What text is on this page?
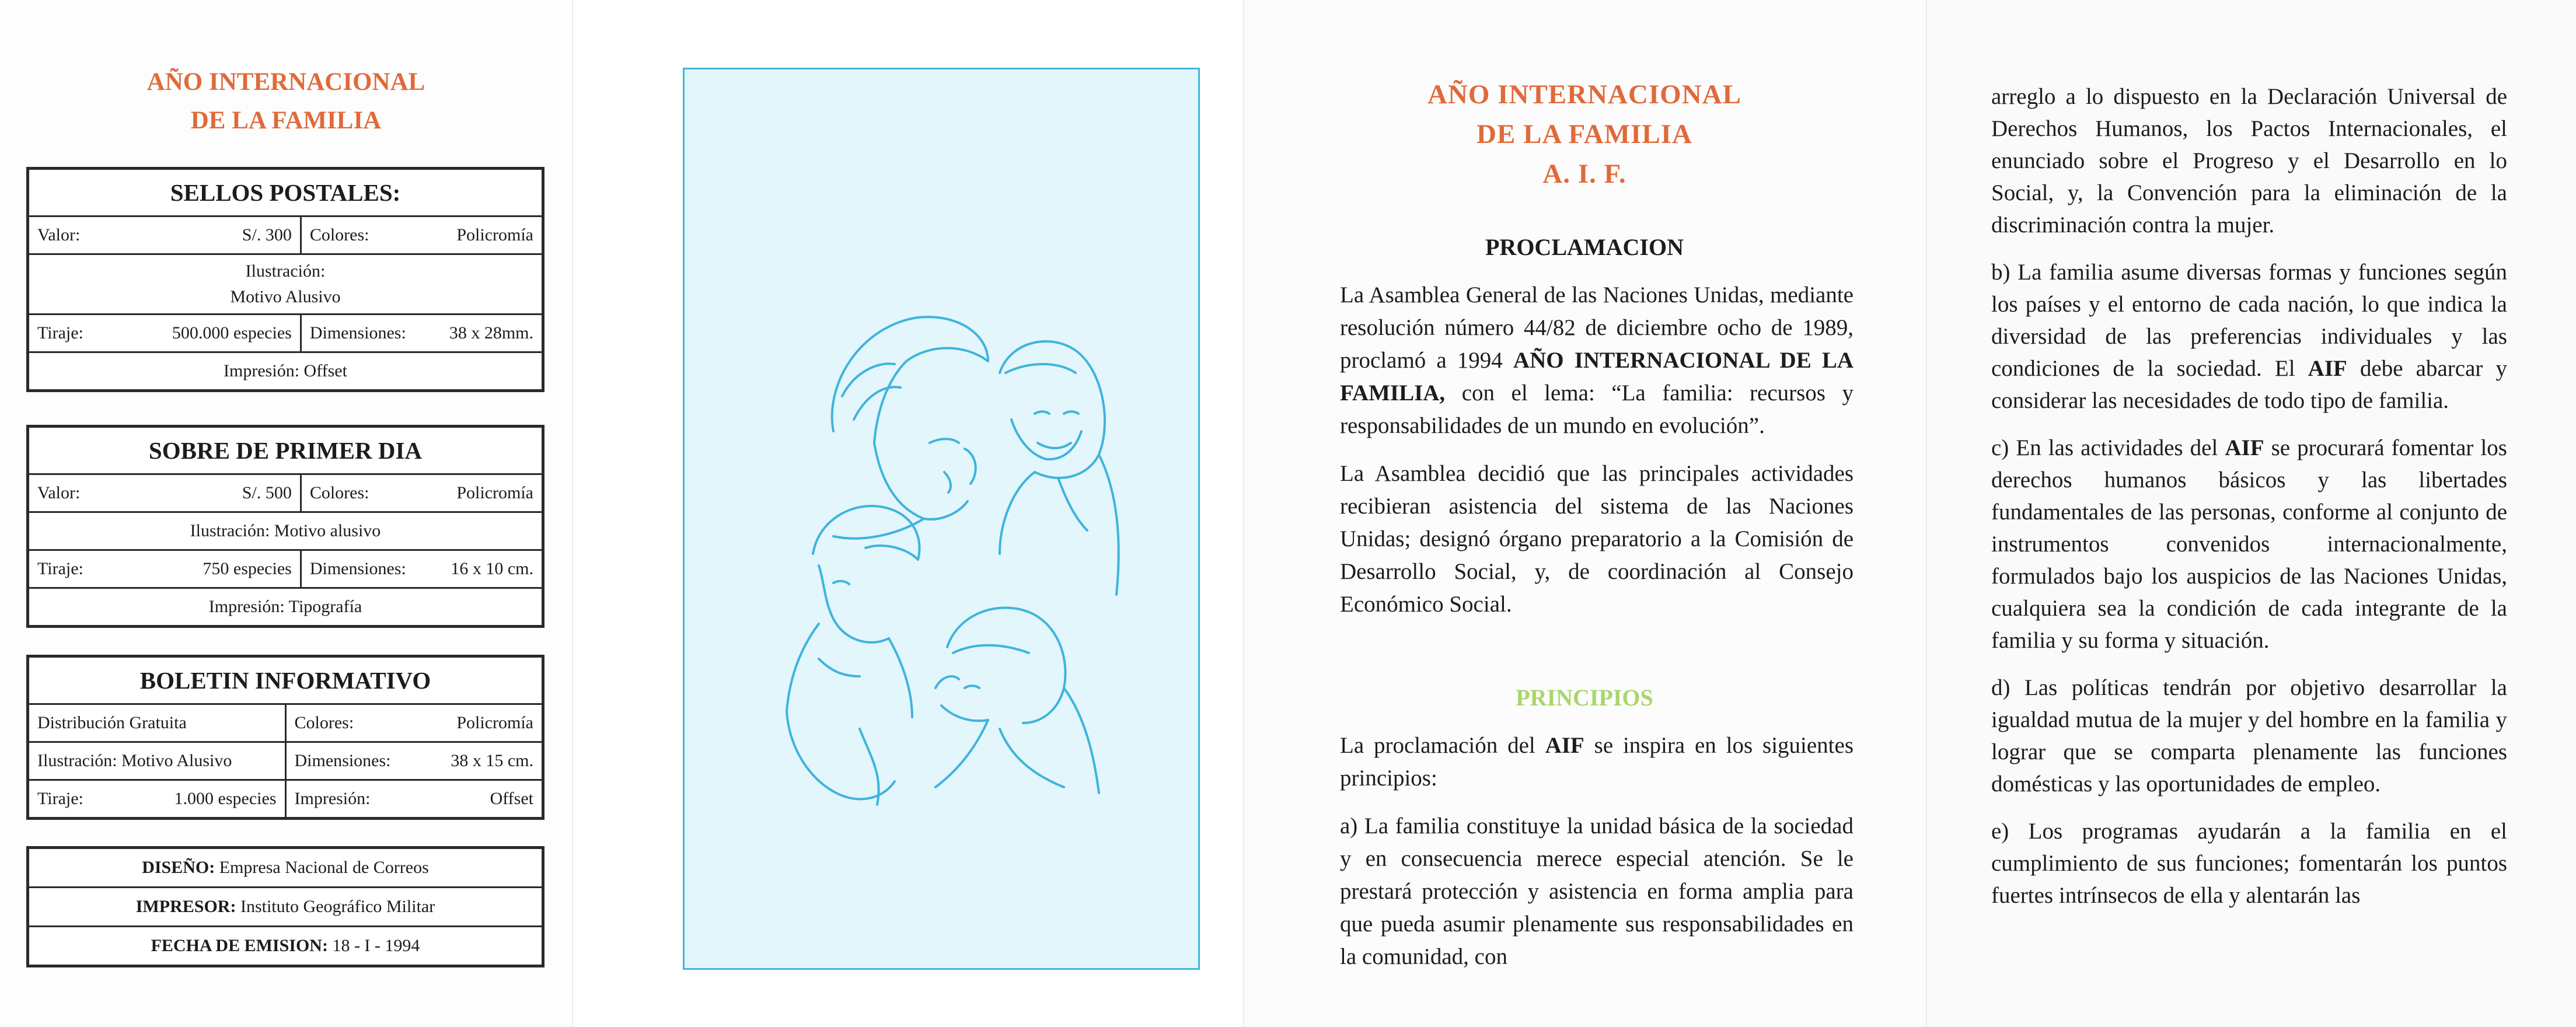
AÑO INTERNACIONAL
DE LA FAMILIA
SELLOS POSTALES:	

Valor: S/. 300	Colores: Policromía

Ilustración:
Motivo Alusivo	

Tiraje: 500.000 especies	Dimensiones: 38 x 28mm.

Impresión: Offset	
SOBRE DE PRIMER DIA	

Valor: S/. 500	Colores: Policromía

Ilustración: Motivo alusivo	

Tiraje: 750 especies	Dimensiones: 16 x 10 cm.

Impresión: Tipografía	
BOLETIN INFORMATIVO	
Distribución Gratuita	Colores: Policromía

Ilustración: Motivo Alusivo	Dimensiones: 38 x 15 cm.

Tiraje: 1.000 especies	Impresión: Offset
DISEÑO: Empresa Nacional de Correos
IMPRESOR: Instituto Geográfico Militar
FECHA DE EMISION: 18 - I - 1994
AÑO INTERNACIONAL
DE LA FAMILIA
A. I. F.
PROCLAMACION

La Asamblea General de las Naciones Unidas, mediante resolución número 44/82 de diciembre ocho de 1989, proclamó a 1994 AÑO INTERNACIONAL DE LA FAMILIA, con el lema: “La familia: recursos y responsabilidades de un mundo en evolución”.

La Asamblea decidió que las principales actividades recibieran asistencia del sistema de las Naciones Unidas; designó órgano preparatorio a la Comisión de Desarrollo Social, y, de coordinación al Consejo Económico Social.

PRINCIPIOS

La proclamación del AIF se inspira en los siguientes principios:

a) La familia constituye la unidad básica de la sociedad y en consecuencia merece especial atención. Se le prestará protección y asistencia en forma amplia para que pueda asumir plenamente sus responsabilidades en la comunidad, con

arreglo a lo dispuesto en la Declaración Universal de Derechos Humanos, los Pactos Internacionales, el enunciado sobre el Progreso y el Desarrollo en lo Social, y, la Convención para la eliminación de la discriminación contra la mujer.

b) La familia asume diversas formas y funciones según los países y el entorno de cada nación, lo que indica la diversidad de las preferencias individuales y las condiciones de la sociedad. El AIF debe abarcar y considerar las necesidades de todo tipo de familia.

c) En las actividades del AIF se procurará fomentar los derechos humanos básicos y las libertades fundamentales de las personas, conforme al conjunto de instrumentos convenidos internacionalmente, formulados bajo los auspicios de las Naciones Unidas, cualquiera sea la condición de cada integrante de la familia y su forma y situación.

d) Las políticas tendrán por objetivo desarrollar la igualdad mutua de la mujer y del hombre en la familia y lograr que se comparta plenamente las funciones domésticas y las oportunidades de empleo.

e) Los programas ayudarán a la familia en el cumplimiento de sus funciones; fomentarán los puntos fuertes intrínsecos de ella y alentarán las
